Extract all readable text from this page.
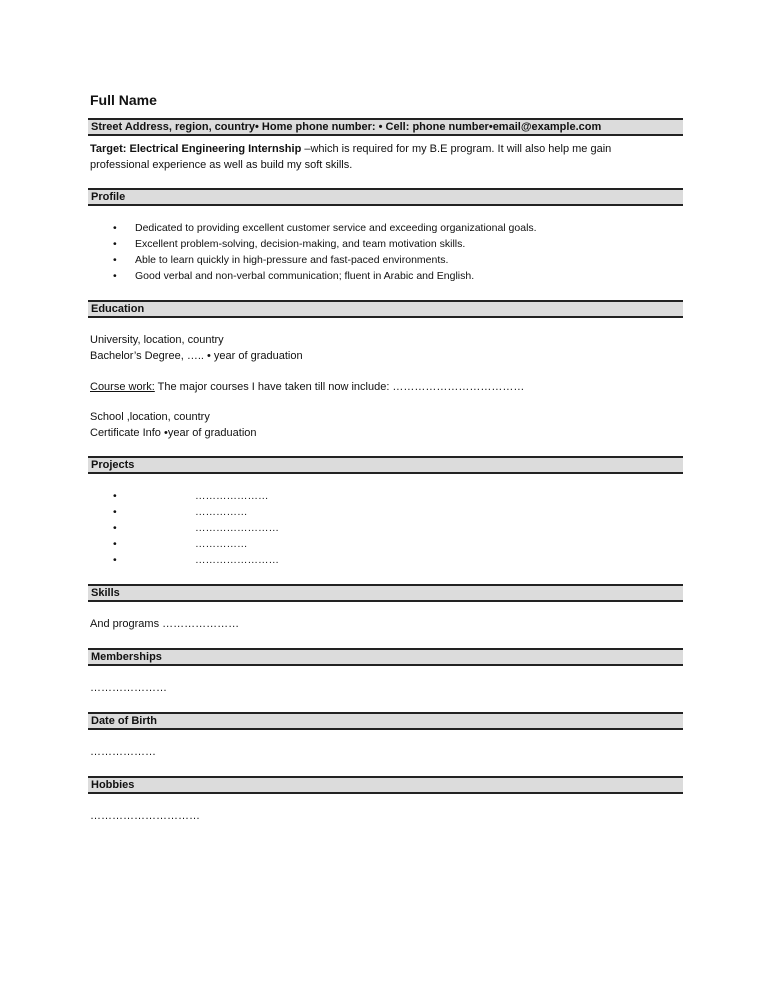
Full Name
Street Address, region, country• Home phone number: • Cell: phone number•email@example.com
Target: Electrical Engineering Internship –which is required for my B.E program. It will also help me gain
professional experience as well as build my soft skills.
Profile
• Dedicated to providing excellent customer service and exceeding organizational goals.
• Excellent problem-solving, decision-making, and team motivation skills.
• Able to learn quickly in high-pressure and fast-paced environments.
• Good verbal and non-verbal communication; fluent in Arabic and English.
Education
University, location, country
Bachelor’s Degree, ….. • year of graduation
Course work: The major courses I have taken till now include: ………………………………
School ,location, country
Certificate Info •year of graduation
Projects
•	…………………
•	……………
•	……………………
•	……………
•	……………………
Skills
And programs …………………
Memberships
…………………
Date of Birth
………………
Hobbies
…………………………
